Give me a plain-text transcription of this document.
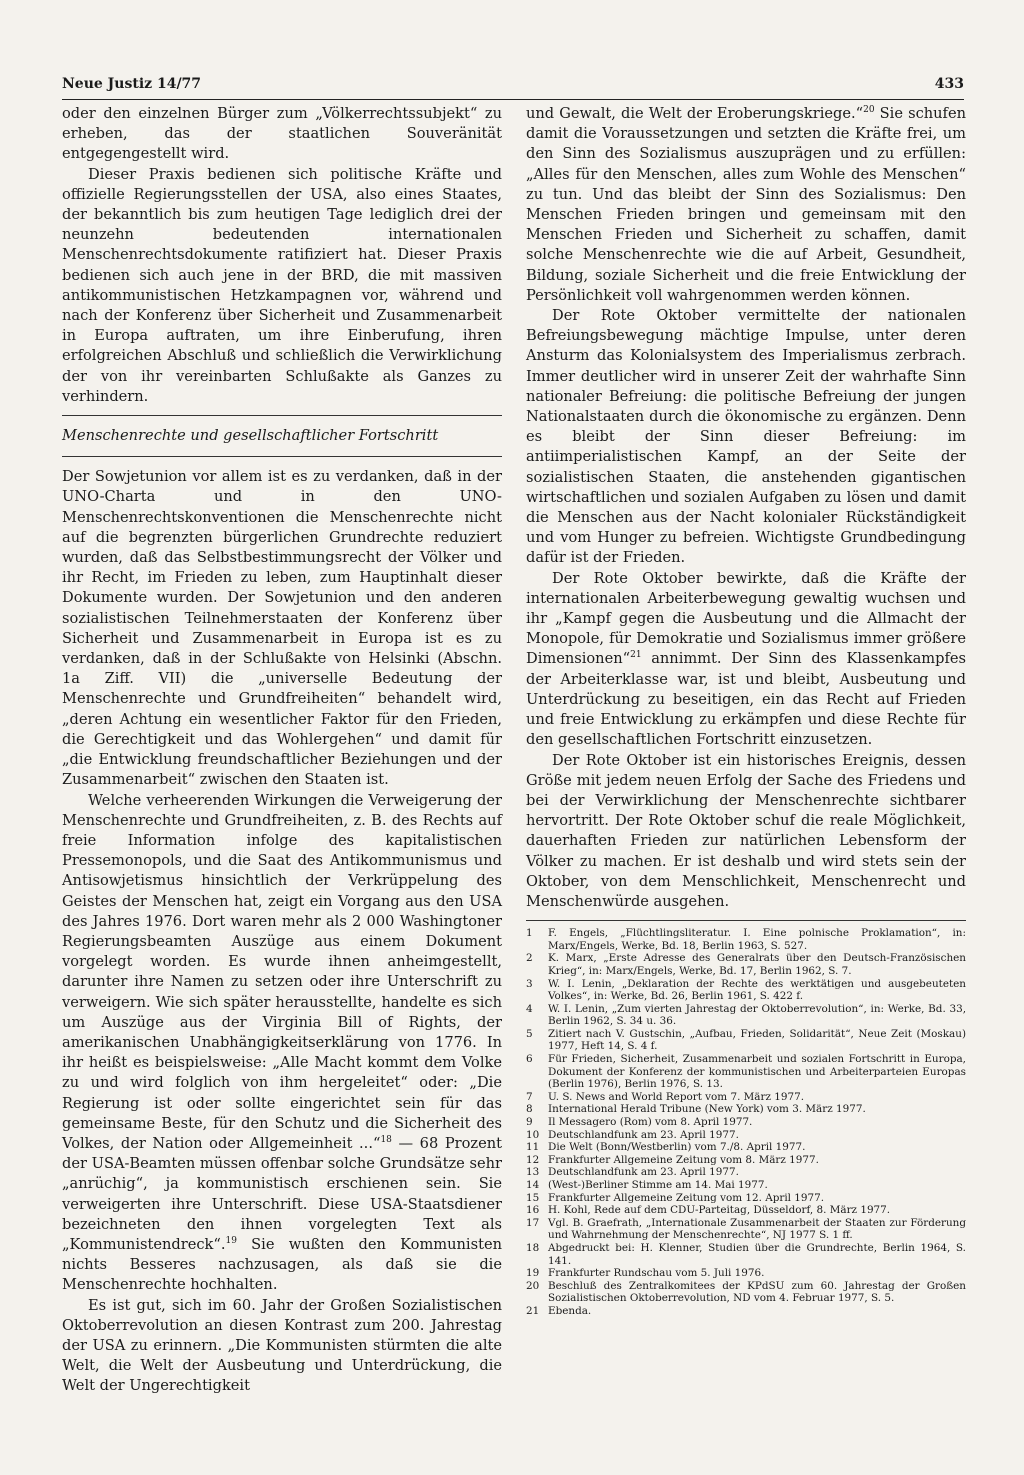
Neue Justiz 14/77	433

oder den einzelnen Bürger zum „Völkerrechtssubjekt“ zu erheben, das der staatlichen Souveränität entgegengestellt wird.

Dieser Praxis bedienen sich politische Kräfte und offizielle Regierungsstellen der USA, also eines Staates, der bekanntlich bis zum heutigen Tage lediglich drei der neunzehn bedeutenden internationalen Menschenrechtsdokumente ratifiziert hat. Dieser Praxis bedienen sich auch jene in der BRD, die mit massiven antikommunistischen Hetzkampagnen vor, während und nach der Konferenz über Sicherheit und Zusammenarbeit in Europa auftraten, um ihre Einberufung, ihren erfolgreichen Abschluß und schließlich die Verwirklichung der von ihr vereinbarten Schlußakte als Ganzes zu verhindern.

Menschenrechte und gesellschaftlicher Fortschritt

Der Sowjetunion vor allem ist es zu verdanken, daß in der UNO-Charta und in den UNO-Menschenrechtskonventionen die Menschenrechte nicht auf die begrenzten bürgerlichen Grundrechte reduziert wurden, daß das Selbstbestimmungsrecht der Völker und ihr Recht, im Frieden zu leben, zum Hauptinhalt dieser Dokumente wurden. Der Sowjetunion und den anderen sozialistischen Teilnehmerstaaten der Konferenz über Sicherheit und Zusammenarbeit in Europa ist es zu verdanken, daß in der Schlußakte von Helsinki (Abschn. 1a Ziff. VII) die „universelle Bedeutung der Menschenrechte und Grundfreiheiten“ behandelt wird, „deren Achtung ein wesentlicher Faktor für den Frieden, die Gerechtigkeit und das Wohlergehen“ und damit für „die Entwicklung freundschaftlicher Beziehungen und der Zusammenarbeit“ zwischen den Staaten ist.

Welche verheerenden Wirkungen die Verweigerung der Menschenrechte und Grundfreiheiten, z. B. des Rechts auf freie Information infolge des kapitalistischen Pressemonopols, und die Saat des Antikommunismus und Antisowjetismus hinsichtlich der Verkrüppelung des Geistes der Menschen hat, zeigt ein Vorgang aus den USA des Jahres 1976. Dort waren mehr als 2 000 Washingtoner Regierungsbeamten Auszüge aus einem Dokument vorgelegt worden. Es wurde ihnen anheimgestellt, darunter ihre Namen zu setzen oder ihre Unterschrift zu verweigern. Wie sich später herausstellte, handelte es sich um Auszüge aus der Virginia Bill of Rights, der amerikanischen Unabhängigkeitserklärung von 1776. In ihr heißt es beispielsweise: „Alle Macht kommt dem Volke zu und wird folglich von ihm hergeleitet“ oder: „Die Regierung ist oder sollte eingerichtet sein für das gemeinsame Beste, für den Schutz und die Sicherheit des Volkes, der Nation oder Allgemeinheit ...“$^{18}$ — 68 Prozent der USA-Beamten müssen offenbar solche Grundsätze sehr „anrüchig“, ja kommunistisch erschienen sein. Sie verweigerten ihre Unterschrift. Diese USA-Staatsdiener bezeichneten den ihnen vorgelegten Text als „Kommunistendreck“.$^{19}$ Sie wußten den Kommunisten nichts Besseres nachzusagen, als daß sie die Menschenrechte hochhalten.

Es ist gut, sich im 60. Jahr der Großen Sozialistischen Oktoberrevolution an diesen Kontrast zum 200. Jahrestag der USA zu erinnern. „Die Kommunisten stürmten die alte Welt, die Welt der Ausbeutung und Unterdrückung, die Welt der Ungerechtigkeit

und Gewalt, die Welt der Eroberungskriege.“$^{20}$ Sie schufen damit die Voraussetzungen und setzten die Kräfte frei, um den Sinn des Sozialismus auszuprägen und zu erfüllen: „Alles für den Menschen, alles zum Wohle des Menschen“ zu tun. Und das bleibt der Sinn des Sozialismus: Den Menschen Frieden bringen und gemeinsam mit den Menschen Frieden und Sicherheit zu schaffen, damit solche Menschenrechte wie die auf Arbeit, Gesundheit, Bildung, soziale Sicherheit und die freie Entwicklung der Persönlichkeit voll wahrgenommen werden können.

Der Rote Oktober vermittelte der nationalen Befreiungsbewegung mächtige Impulse, unter deren Ansturm das Kolonialsystem des Imperialismus zerbrach. Immer deutlicher wird in unserer Zeit der wahrhafte Sinn nationaler Befreiung: die politische Befreiung der jungen Nationalstaaten durch die ökonomische zu ergänzen. Denn es bleibt der Sinn dieser Befreiung: im antiimperialistischen Kampf, an der Seite der sozialistischen Staaten, die anstehenden gigantischen wirtschaftlichen und sozialen Aufgaben zu lösen und damit die Menschen aus der Nacht kolonialer Rückständigkeit und vom Hunger zu befreien. Wichtigste Grundbedingung dafür ist der Frieden.

Der Rote Oktober bewirkte, daß die Kräfte der internationalen Arbeiterbewegung gewaltig wuchsen und ihr „Kampf gegen die Ausbeutung und die Allmacht der Monopole, für Demokratie und Sozialismus immer größere Dimensionen“$^{21}$ annimmt. Der Sinn des Klassenkampfes der Arbeiterklasse war, ist und bleibt, Ausbeutung und Unterdrückung zu beseitigen, ein das Recht auf Frieden und freie Entwicklung zu erkämpfen und diese Rechte für den gesellschaftlichen Fortschritt einzusetzen.

Der Rote Oktober ist ein historisches Ereignis, dessen Größe mit jedem neuen Erfolg der Sache des Friedens und bei der Verwirklichung der Menschenrechte sichtbarer hervortritt. Der Rote Oktober schuf die reale Möglichkeit, dauerhaften Frieden zur natürlichen Lebensform der Völker zu machen. Er ist deshalb und wird stets sein der Oktober, von dem Menschlichkeit, Menschenrecht und Menschenwürde ausgehen.

1	F. Engels, „Flüchtlingsliteratur. I. Eine polnische Proklamation“, in: Marx/Engels, Werke, Bd. 18, Berlin 1963, S. 527.
2	K. Marx, „Erste Adresse des Generalrats über den Deutsch-Französischen Krieg“, in: Marx/Engels, Werke, Bd. 17, Berlin 1962, S. 7.
3	W. I. Lenin, „Deklaration der Rechte des werktätigen und ausgebeuteten Volkes“, in: Werke, Bd. 26, Berlin 1961, S. 422 f.
4	W. I. Lenin, „Zum vierten Jahrestag der Oktoberrevolution“, in: Werke, Bd. 33, Berlin 1962, S. 34 u. 36.
5	Zitiert nach V. Gustschin, „Aufbau, Frieden, Solidarität“, Neue Zeit (Moskau) 1977, Heft 14, S. 4 f.
6	Für Frieden, Sicherheit, Zusammenarbeit und sozialen Fortschritt in Europa, Dokument der Konferenz der kommunistischen und Arbeiterparteien Europas (Berlin 1976), Berlin 1976, S. 13.
7	U. S. News and World Report vom 7. März 1977.
8	International Herald Tribune (New York) vom 3. März 1977.
9	Il Messagero (Rom) vom 8. April 1977.
10 Deutschlandfunk am 23. April 1977.
11 Die Welt (Bonn/Westberlin) vom 7./8. April 1977.
12 Frankfurter Allgemeine Zeitung vom 8. März 1977.
13 Deutschlandfunk am 23. April 1977.
14 (West-)Berliner Stimme am 14. Mai 1977.
15 Frankfurter Allgemeine Zeitung vom 12. April 1977.
16 H. Kohl, Rede auf dem CDU-Parteitag, Düsseldorf, 8. März 1977.
17 Vgl. B. Graefrath, „Internationale Zusammenarbeit der Staaten zur Förderung und Wahrnehmung der Menschenrechte“, NJ 1977 S. 1 ff.
18 Abgedruckt bei: H. Klenner, Studien über die Grundrechte, Berlin 1964, S. 141.
19 Frankfurter Rundschau vom 5. Juli 1976.
20 Beschluß des Zentralkomitees der KPdSU zum 60. Jahrestag der Großen Sozialistischen Oktoberrevolution, ND vom 4. Februar 1977, S. 5.
21 Ebenda.
